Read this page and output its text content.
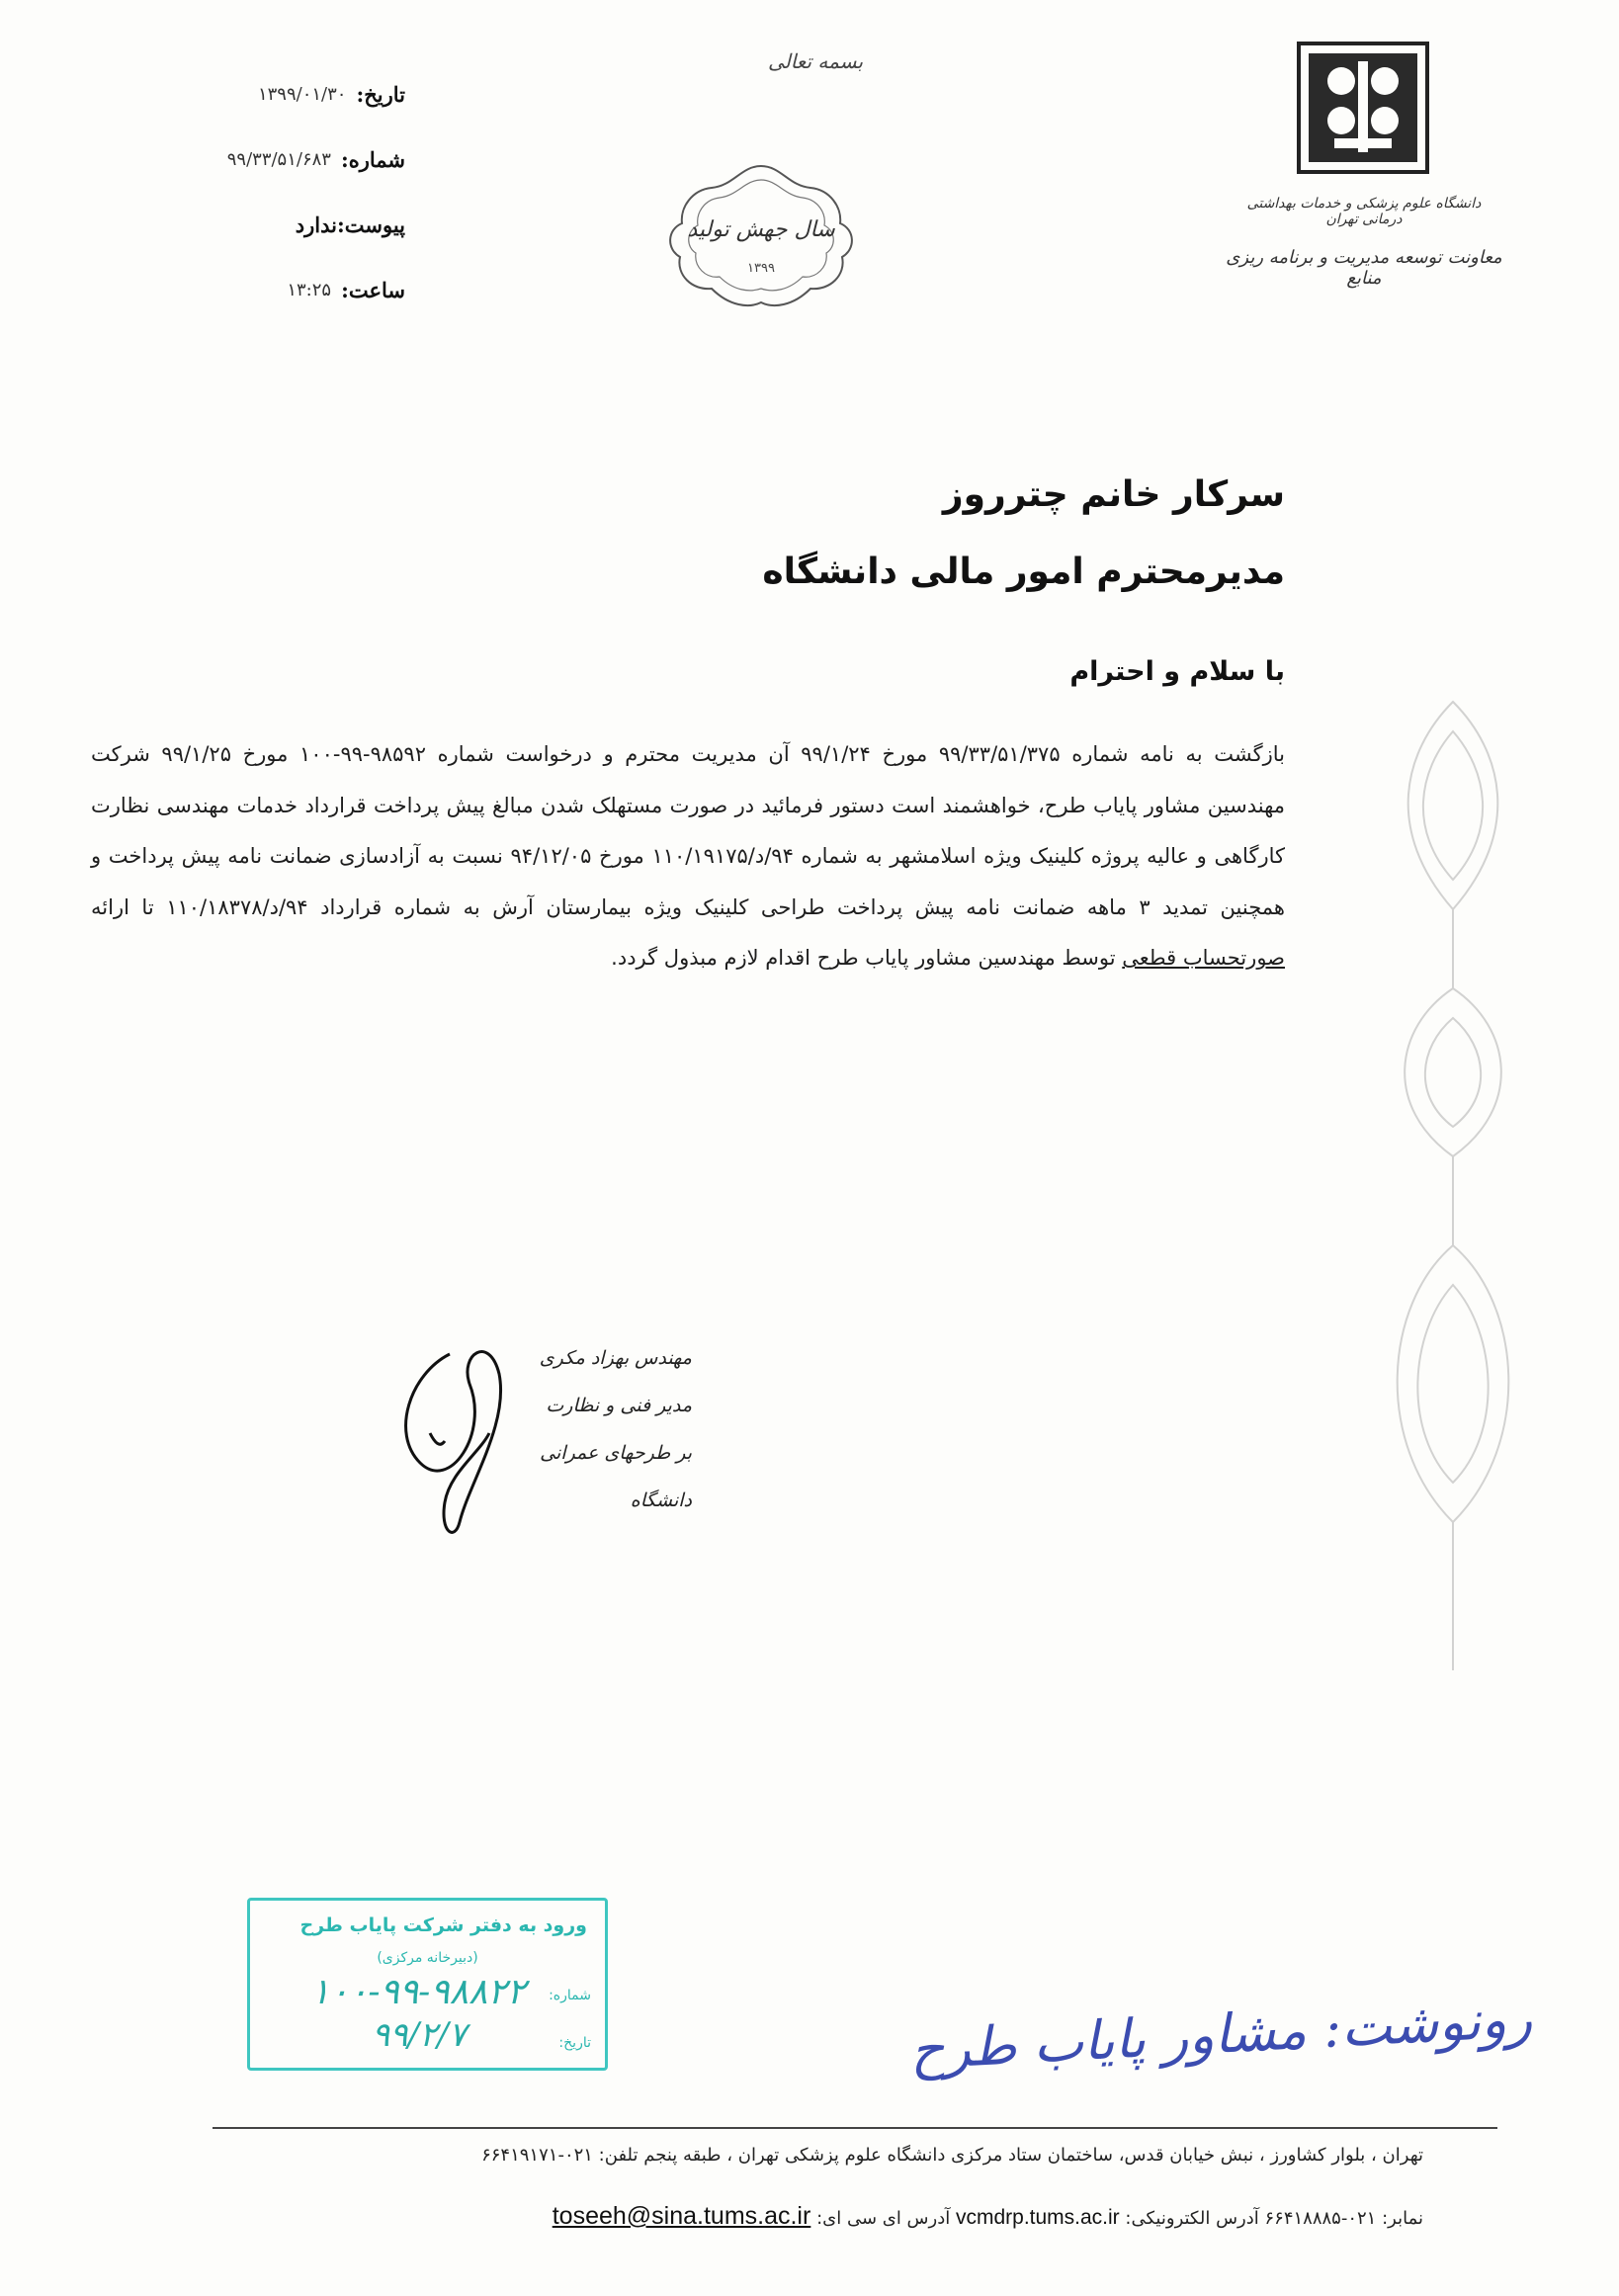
تاریخ:
۱۳۹۹/۰۱/۳۰
شماره:
۹۹/۳۳/۵۱/۶۸۳
پیوست:
ندارد
ساعت:
۱۳:۲۵
بسمه تعالی
سال جهش تولید
۱۳۹۹
دانشگاه علوم پزشکی و خدمات بهداشتی درمانی تهران
معاونت توسعه مدیریت و برنامه ریزی منابع
سرکار خانم چترروز
مدیرمحترم امور مالی دانشگاه
با سلام و احترام
بازگشت به نامه شماره ۹۹/۳۳/۵۱/۳۷۵ مورخ ۹۹/۱/۲۴ آن مدیریت محترم و درخواست شماره ۹۸۵۹۲-۹۹-۱۰۰ مورخ ۹۹/۱/۲۵ شرکت مهندسین مشاور پایاب طرح، خواهشمند است دستور فرمائید در صورت مستهلک شدن مبالغ پیش پرداخت قرارداد خدمات مهندسی نظارت کارگاهی و عالیه پروژه کلینیک ویژه اسلامشهر به شماره ۹۴/د/۱۱۰/۱۹۱۷۵ مورخ ۹۴/۱۲/۰۵ نسبت به آزادسازی ضمانت نامه پیش پرداخت و همچنین تمدید ۳ ماهه ضمانت نامه پیش پرداخت طراحی کلینیک ویژه بیمارستان آرش به شماره قرارداد ۹۴/د/۱۱۰/۱۸۳۷۸ تا ارائه صورتحساب قطعی توسط مهندسین مشاور پایاب طرح اقدام لازم مبذول گردد.
مهندس بهزاد مکری
مدیر فنی و نظارت
بر طرحهای عمرانی دانشگاه
ورود به دفتر شرکت پایاب طرح
(دبیرخانه مرکزی)
شماره:
۱۰۰-۹۹-۹۸۸۲۲
تاریخ:
۹۹/۲/۷	رونوشت: مشاور پایاب طرح
تهران ، بلوار کشاورز ، نبش خیابان قدس، ساختمان ستاد مرکزی دانشگاه علوم پزشکی تهران ، طبقه پنجم تلفن: ۰۲۱-۶۶۴۱۹۱۷۱
نمابر: ۰۲۱-۶۶۴۱۸۸۸۵ آدرس الکترونیکی: vcmdrp.tums.ac.ir آدرس ای سی ای: toseeh@sina.tums.ac.ir
